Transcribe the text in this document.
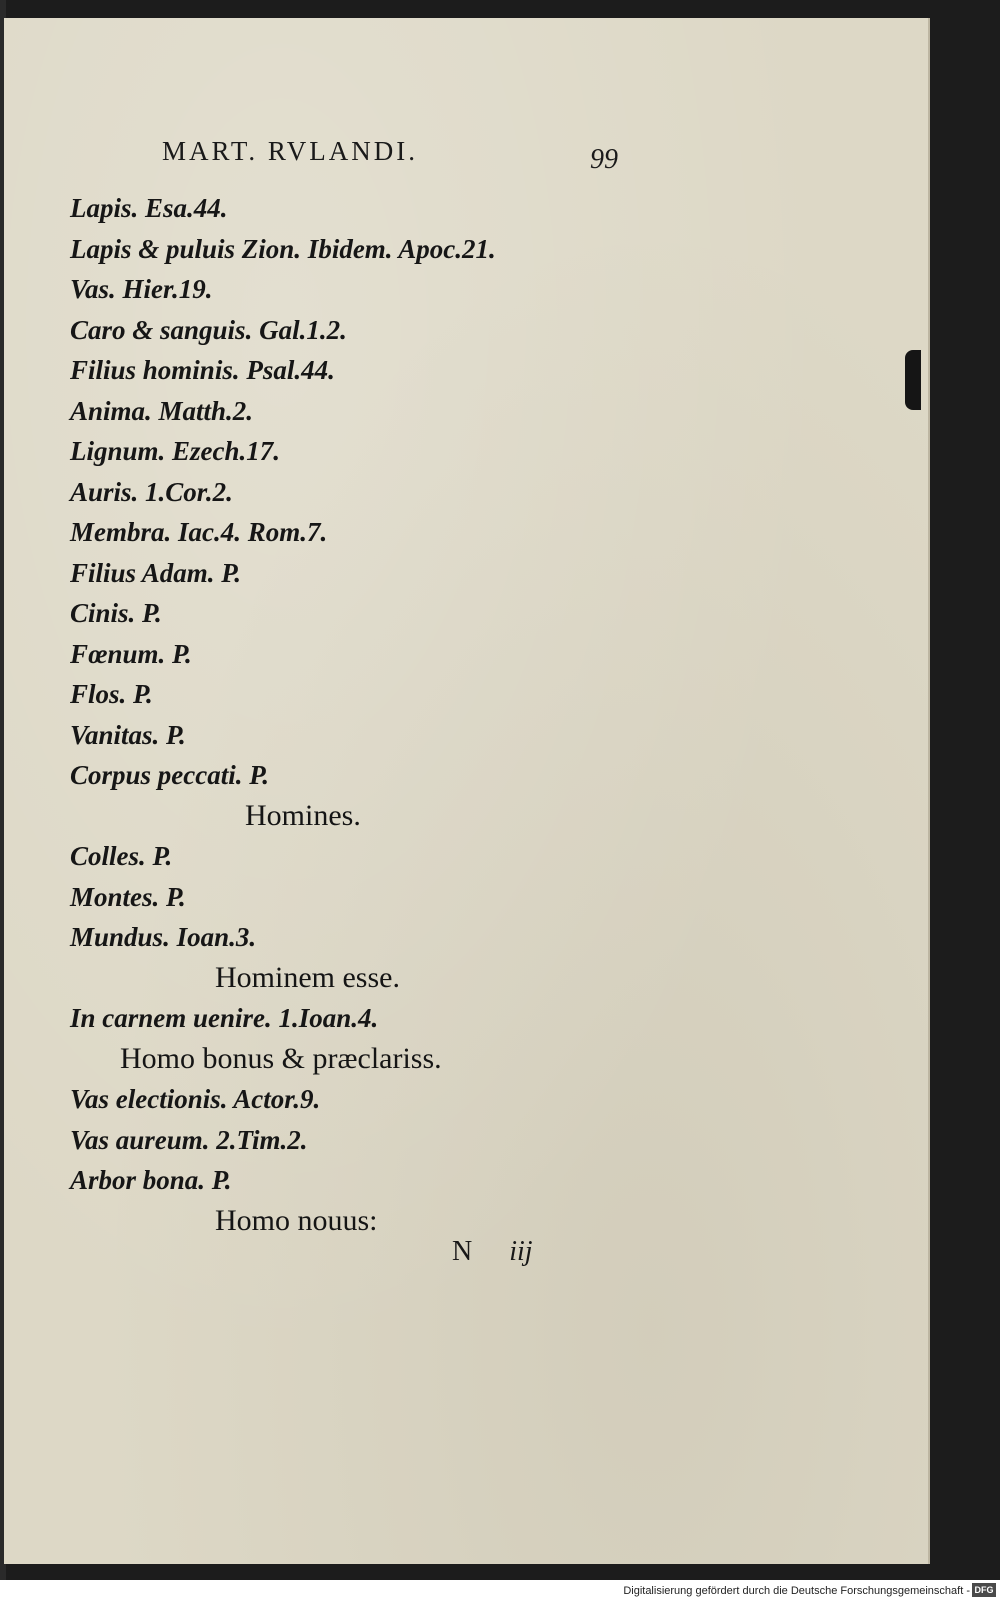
MART. RVLANDI.	99
Lapis. Esa.44.
Lapis & puluis Zion. Ibidem. Apoc.21.
Vas. Hier.19.
Caro & sanguis. Gal.1.2.
Filius hominis. Psal.44.
Anima. Matth.2.
Lignum. Ezech.17.
Auris. 1.Cor.2.
Membra. Iac.4. Rom.7.
Filius Adam. P.
Cinis. P.
Fœnum. P.
Flos. P.
Vanitas. P.
Corpus peccati. P.
Homines.
Colles. P.
Montes. P.
Mundus. Ioan.3.
Hominem esse.
In carnem uenire. 1.Ioan.4.
Homo bonus & præclariss.
Vas electionis. Actor.9.
Vas aureum. 2.Tim.2.
Arbor bona. P.
Homo nouus:
N iij
Digitalisierung gefördert durch die Deutsche Forschungsgemeinschaft - DFG
